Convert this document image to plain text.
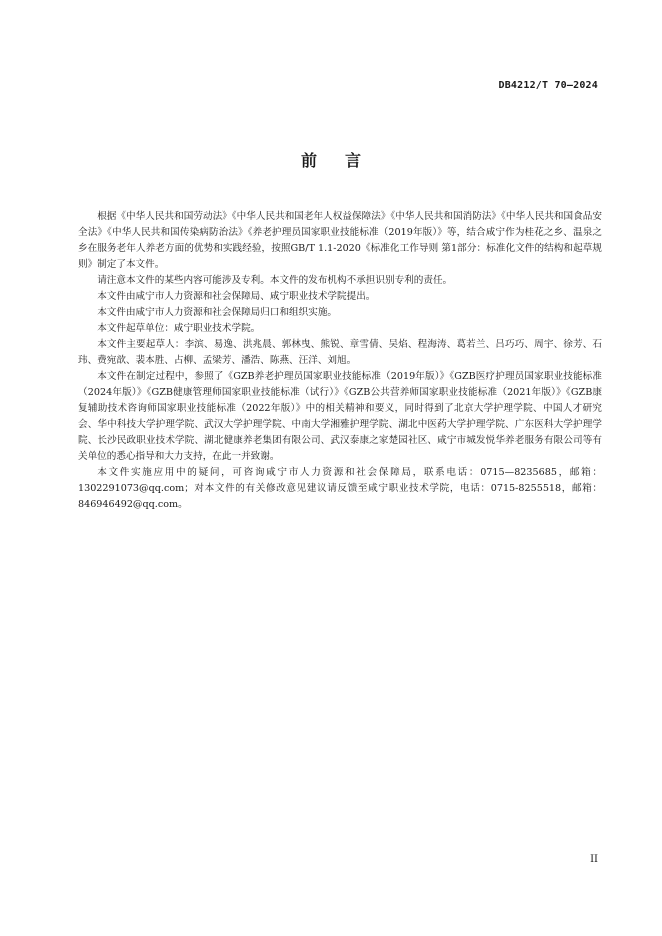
DB4212/T 70—2024
前言

根据《中华人民共和国劳动法》《中华人民共和国老年人权益保障法》《中华人民共和国消防法》《中华人民共和国食品安全法》《中华人民共和国传染病防治法》《养老护理员国家职业技能标准（2019年版）》等，结合咸宁作为桂花之乡、温泉之乡在服务老年人养老方面的优势和实践经验，按照GB/T 1.1-2020《标准化工作导则 第1部分：标准化文件的结构和起草规则》制定了本文件。

请注意本文件的某些内容可能涉及专利。本文件的发布机构不承担识别专利的责任。

本文件由咸宁市人力资源和社会保障局、咸宁职业技术学院提出。

本文件由咸宁市人力资源和社会保障局归口和组织实施。

本文件起草单位：咸宁职业技术学院。

本文件主要起草人：李滨、易逸、洪兆晨、郭林曳、熊锐、章雪倩、吴焰、程海涛、葛若兰、吕巧巧、周宇、徐芳、石玮、费宛歆、裴本胜、占柳、孟梁芳、潘浩、陈燕、汪洋、刘旭。

本文件在制定过程中，参照了《GZB养老护理员国家职业技能标准（2019年版）》《GZB医疗护理员国家职业技能标准（2024年版）》《GZB健康管理师国家职业技能标准（试行）》《GZB公共营养师国家职业技能标准（2021年版）》《GZB康复辅助技术咨询师国家职业技能标准（2022年版）》中的相关精神和要义，同时得到了北京大学护理学院、中国人才研究会、华中科技大学护理学院、武汉大学护理学院、中南大学湘雅护理学院、湖北中医药大学护理学院、广东医科大学护理学院、长沙民政职业技术学院、湖北健康养老集团有限公司、武汉泰康之家楚园社区、咸宁市城发悦华养老服务有限公司等有关单位的悉心指导和大力支持，在此一并致谢。

本文件实施应用中的疑问，可咨询咸宁市人力资源和社会保障局，联系电话：0715—8235685，邮箱：1302291073@qq.com；对本文件的有关修改意见建议请反馈至咸宁职业技术学院，电话：0715-8255518，邮箱：846946492@qq.com。

II
